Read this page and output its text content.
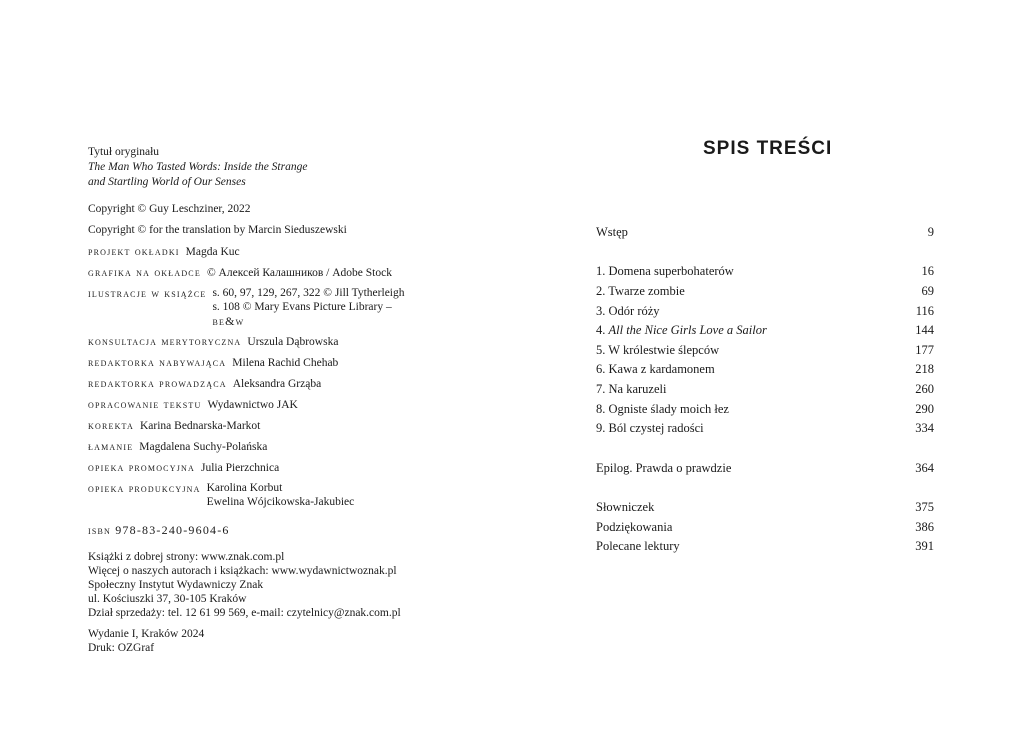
Tytuł oryginału
The Man Who Tasted Words: Inside the Strange
and Startling World of Our Senses
Copyright © Guy Leschziner, 2022
Copyright © for the translation by Marcin Sieduszewski
projekt okładki Magda Kuc
grafika na okładce © Алексей Калашников / Adobe Stock
ilustracje w książce s. 60, 97, 129, 267, 322 © Jill Tytherleigh
s. 108 © Mary Evans Picture Library –
be&w
konsultacja merytoryczna Urszula Dąbrowska
redaktorka nabywająca Milena Rachid Chehab
redaktorka prowadząca Aleksandra Grząba
opracowanie tekstu Wydawnictwo JAK
korekta Karina Bednarska-Markot
łamanie Magdalena Suchy-Polańska
opieka promocyjna Julia Pierzchnica
opieka produkcyjna Karolina Korbut
Ewelina Wójcikowska-Jakubiec
isbn 978-83-240-9604-6
Książki z dobrej strony: www.znak.com.pl
Więcej o naszych autorach i książkach: www.wydawnictwoznak.pl
Społeczny Instytut Wydawniczy Znak
ul. Kościuszki 37, 30-105 Kraków
Dział sprzedaży: tel. 12 61 99 569, e-mail: czytelnicy@znak.com.pl
Wydanie I, Kraków 2024
Druk: OZGraf
SPIS TREŚCI
Wstęp	9
1. Domena superbohaterów	16
2. Twarze zombie	69
3. Odór róży	116
4. All the Nice Girls Love a Sailor	144
5. W królestwie ślepców	177
6. Kawa z kardamonem	218
7. Na karuzeli	260
8. Ogniste ślady moich łez	290
9. Ból czystej radości	334
Epilog. Prawda o prawdzie	364
Słowniczek	375
Podziękowania	386
Polecane lektury	391
